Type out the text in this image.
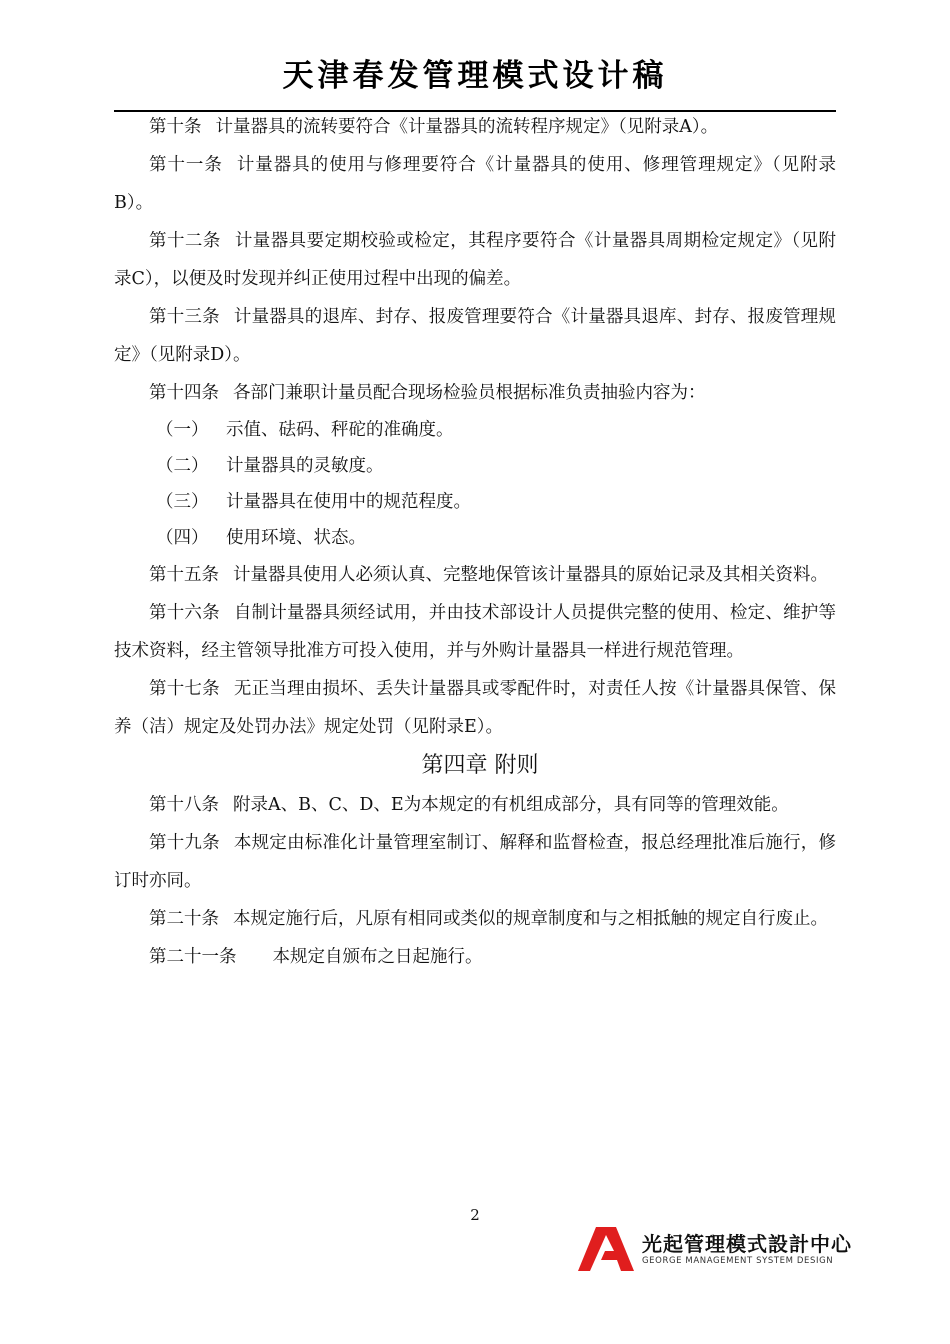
天津春发管理模式设计稿

第十条 计量器具的流转要符合《计量器具的流转程序规定》（见附录A）。

第十一条 计量器具的使用与修理要符合《计量器具的使用、修理管理规定》（见附录B）。

第十二条 计量器具要定期校验或检定，其程序要符合《计量器具周期检定规定》（见附录C），以便及时发现并纠正使用过程中出现的偏差。

第十三条 计量器具的退库、封存、报废管理要符合《计量器具退库、封存、报废管理规定》（见附录D）。

第十四条 各部门兼职计量员配合现场检验员根据标准负责抽验内容为：

（一） 示值、砝码、秤砣的准确度。

（二） 计量器具的灵敏度。

（三） 计量器具在使用中的规范程度。

（四） 使用环境、状态。

第十五条 计量器具使用人必须认真、完整地保管该计量器具的原始记录及其相关资料。

第十六条 自制计量器具须经试用，并由技术部设计人员提供完整的使用、检定、维护等技术资料，经主管领导批准方可投入使用，并与外购计量器具一样进行规范管理。

第十七条 无正当理由损坏、丢失计量器具或零配件时，对责任人按《计量器具保管、保养（洁）规定及处罚办法》规定处罚（见附录E）。

第四章 附则

第十八条 附录A、B、C、D、E为本规定的有机组成部分，具有同等的管理效能。

第十九条 本规定由标准化计量管理室制订、解释和监督检查，报总经理批准后施行，修订时亦同。

第二十条 本规定施行后，凡原有相同或类似的规章制度和与之相抵触的规定自行废止。

第二十一条 本规定自颁布之日起施行。

2
光起管理模式設計中心
GEORGE MANAGEMENT SYSTEM DESIGN
